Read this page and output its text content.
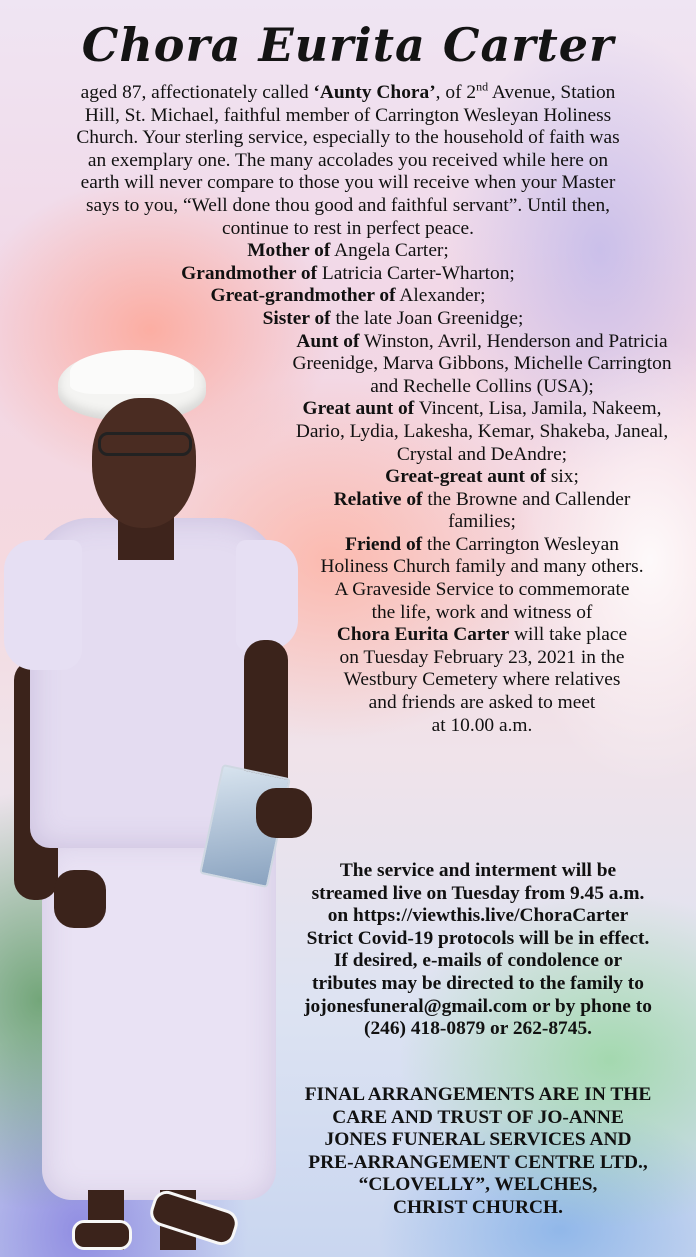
Chora Eurita Carter
aged 87, affectionately called ‘Aunty Chora’, of 2nd Avenue, Station
Hill, St. Michael, faithful member of Carrington Wesleyan Holiness
Church. Your sterling service, especially to the household of faith was
an exemplary one. The many accolades you received while here on
earth will never compare to those you will receive when your Master
says to you, “Well done thou good and faithful servant”. Until then,
continue to rest in perfect peace.
Mother of Angela Carter;
Grandmother of Latricia Carter-Wharton;
Great-grandmother of Alexander;
Sister of the late Joan Greenidge;
Aunt of Winston, Avril, Henderson and Patricia
Greenidge, Marva Gibbons, Michelle Carrington
and Rechelle Collins (USA);
Great aunt of Vincent, Lisa, Jamila, Nakeem,
Dario, Lydia, Lakesha, Kemar, Shakeba, Janeal,
Crystal and DeAndre;
Great-great aunt of six;
Relative of the Browne and Callender
families;
Friend of the Carrington Wesleyan
Holiness Church family and many others.
A Graveside Service to commemorate
the life, work and witness of
Chora Eurita Carter will take place
on Tuesday February 23, 2021 in the
Westbury Cemetery where relatives
and friends are asked to meet
at 10.00 a.m.
The service and interment will be
streamed live on Tuesday from 9.45 a.m.
on https://viewthis.live/ChoraCarter
Strict Covid-19 protocols will be in effect.
If desired, e-mails of condolence or
tributes may be directed to the family to
jojonesfuneral@gmail.com or by phone to
(246) 418-0879 or 262-8745.
FINAL ARRANGEMENTS ARE IN THE
CARE AND TRUST OF JO-ANNE
JONES FUNERAL SERVICES AND
PRE-ARRANGEMENT CENTRE LTD.,
“CLOVELLY”, WELCHES,
CHRIST CHURCH.
